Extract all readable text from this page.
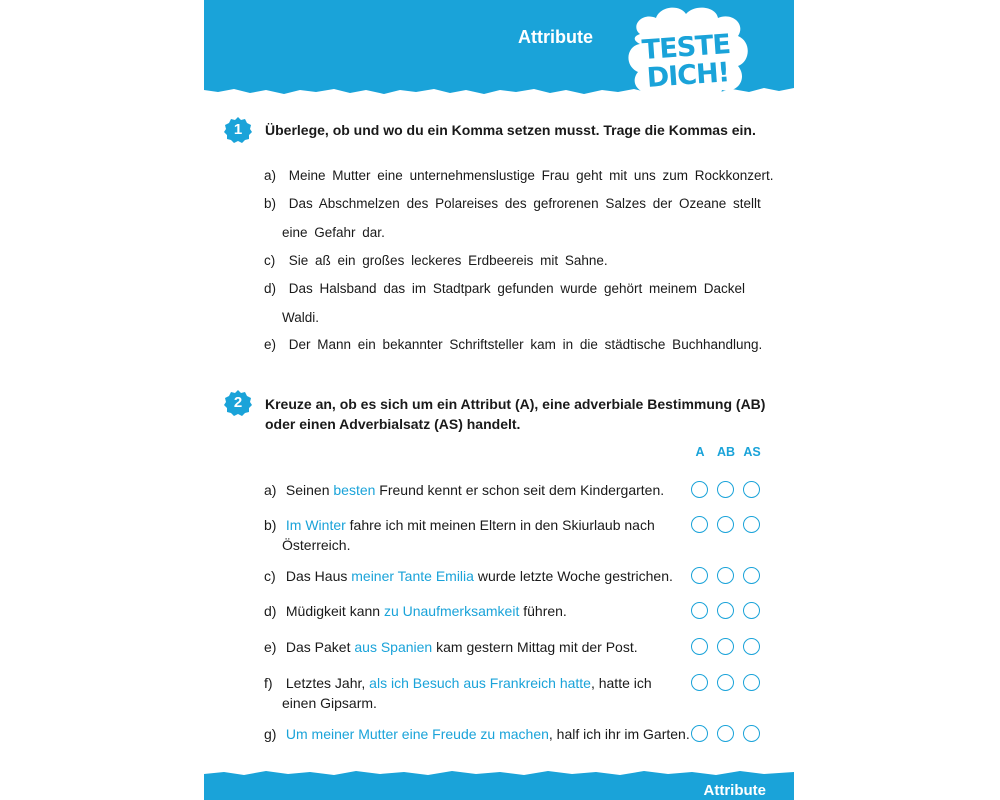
Attribute	TESTE DICH!
1	Überlege, ob und wo du ein Komma setzen musst. Trage die Kommas ein.
a) Meine Mutter eine unternehmenslustige Frau geht mit uns zum Rockkonzert.
b) Das Abschmelzen des Polareises des gefrorenen Salzes der Ozeane stellt
eine Gefahr dar.
c) Sie aß ein großes leckeres Erdbeereis mit Sahne.
d) Das Halsband das im Stadtpark gefunden wurde gehört meinem Dackel
Waldi.
e) Der Mann ein bekannter Schriftsteller kam in die städtische Buchhandlung.
2	Kreuze an, ob es sich um ein Attribut (A), eine adverbiale Bestimmung (AB)
oder einen Adverbialsatz (AS) handelt.
A AB AS
a) Seinen besten Freund kennt er schon seit dem Kindergarten.
b) Im Winter fahre ich mit meinen Eltern in den Skiurlaub nach
Österreich.
c) Das Haus meiner Tante Emilia wurde letzte Woche gestrichen.
d) Müdigkeit kann zu Unaufmerksamkeit führen.
e) Das Paket aus Spanien kam gestern Mittag mit der Post.
f) Letztes Jahr, als ich Besuch aus Frankreich hatte, hatte ich
einen Gipsarm.
g) Um meiner Mutter eine Freude zu machen, half ich ihr im Garten.
Attribute
